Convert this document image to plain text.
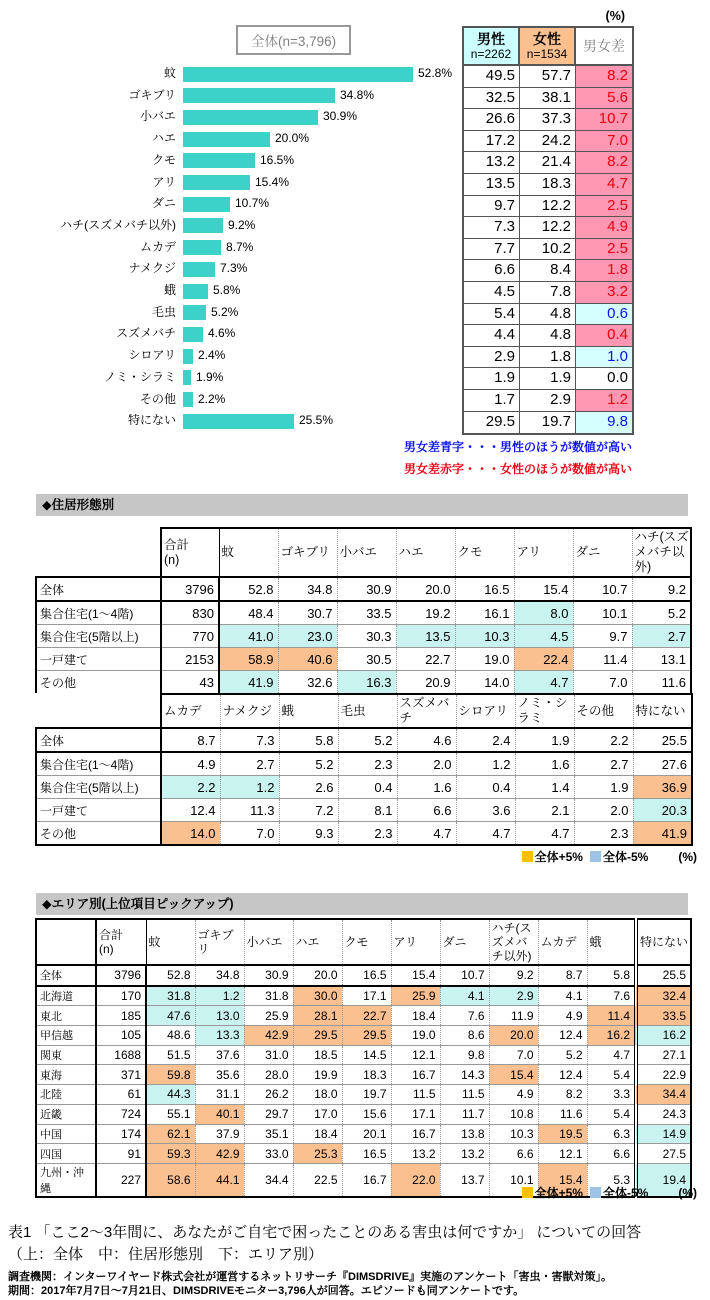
(%)
全体(n=3,796)
蚊	52.8%
ゴキブリ	34.8%
小バエ	30.9%
ハエ	20.0%
クモ	16.5%
アリ	15.4%
ダニ	10.7%
ハチ(スズメバチ以外)	9.2%
ムカデ	8.7%
ナメクジ	7.3%
蛾	5.8%
毛虫	5.2%
スズメバチ	4.6%
シロアリ 2.4%
ノミ・シラミ 1.9%
その他 2.2%
特にない	25.5%
男性
n=2262
女性
n=1534 男女差
49.5	57.7	8.2
32.5	38.1	5.6
26.6	37.3	10.7
17.2	24.2	7.0
13.2	21.4	8.2
13.5	18.3	4.7
9.7	12.2	2.5
7.3	12.2	4.9
7.7	10.2	2.5
6.6	8.4	1.8
4.5	7.8	3.2
5.4	4.8	0.6
4.4	4.8	0.4
2.9	1.8	1.0
1.9	1.9	0.0
1.7	2.9	1.2
29.5	19.7	9.8
男女差青字・・・男性のほうが数値が高い
男女差赤字・・・女性のほうが数値が高い
◆住居形態別
	合計
(n)	蚊	ゴキブリ	小バエ	ハエ	クモ	アリ	ダニ	ハチ(スズメバチ以外)
全体	3796	52.8	34.8	30.9	20.0	16.5	15.4	10.7	9.2
集合住宅(1～4階)	830	48.4	30.7	33.5	19.2	16.1	8.0	10.1	5.2
集合住宅(5階以上)	770	41.0	23.0	30.3	13.5	10.3	4.5	9.7	2.7
一戸建て	2153	58.9	40.6	30.5	22.7	19.0	22.4	11.4	13.1
その他	43	41.9	32.6	16.3	20.9	14.0	4.7	7.0	11.6
	ムカデ	ナメクジ	蛾	毛虫	スズメバチ	シロアリ	ノミ・シラミ	その他	特にない
全体	8.7	7.3	5.8	5.2	4.6	2.4	1.9	2.2	25.5
集合住宅(1～4階)	4.9	2.7	5.2	2.3	2.0	1.2	1.6	2.7	27.6
集合住宅(5階以上)	2.2	1.2	2.6	0.4	1.6	0.4	1.4	1.9	36.9
一戸建て	12.4	11.3	7.2	8.1	6.6	3.6	2.1	2.0	20.3
その他	14.0	7.0	9.3	2.3	4.7	4.7	4.7	2.3	41.9
全体+5% 全体-5%	(%)
◆エリア別(上位項目ピックアップ)
	合計
(n)	蚊	ゴキブリ	小バエ	ハエ	クモ	アリ	ダニ	ハチ(スズメバチ以外)	ムカデ	蛾	特にない
全体	3796	52.8	34.8	30.9	20.0	16.5	15.4	10.7	9.2	8.7	5.8	25.5
北海道	170	31.8	1.2	31.8	30.0	17.1	25.9	4.1	2.9	4.1	7.6	32.4
東北	185	47.6	13.0	25.9	28.1	22.7	18.4	7.6	11.9	4.9	11.4	33.5
甲信越	105	48.6	13.3	42.9	29.5	29.5	19.0	8.6	20.0	12.4	16.2	16.2
関東	1688	51.5	37.6	31.0	18.5	14.5	12.1	9.8	7.0	5.2	4.7	27.1
東海	371	59.8	35.6	28.0	19.9	18.3	16.7	14.3	15.4	12.4	5.4	22.9
北陸	61	44.3	31.1	26.2	18.0	19.7	11.5	11.5	4.9	8.2	3.3	34.4
近畿	724	55.1	40.1	29.7	17.0	15.6	17.1	11.7	10.8	11.6	5.4	24.3
中国	174	62.1	37.9	35.1	18.4	20.1	16.7	13.8	10.3	19.5	6.3	14.9
四国	91	59.3	42.9	33.0	25.3	16.5	13.2	13.2	6.6	12.1	6.6	27.5
九州・沖縄	227	58.6	44.1	34.4	22.5	16.7	22.0	13.7	10.1	15.4	5.3	19.4
全体+5% 全体-5%	(%)
表1 「ここ2～3年間に、あなたがご自宅で困ったことのある害虫は何ですか」 についての回答
（上：全体　中：住居形態別　下：エリア別）
調査機関：インターワイヤード株式会社が運営するネットリサーチ『DIMSDRIVE』実施のアンケート「害虫・害獣対策」。
期間：2017年7月7日～7月21日、DIMSDRIVEモニター3,796人が回答。エピソードも同アンケートです。
